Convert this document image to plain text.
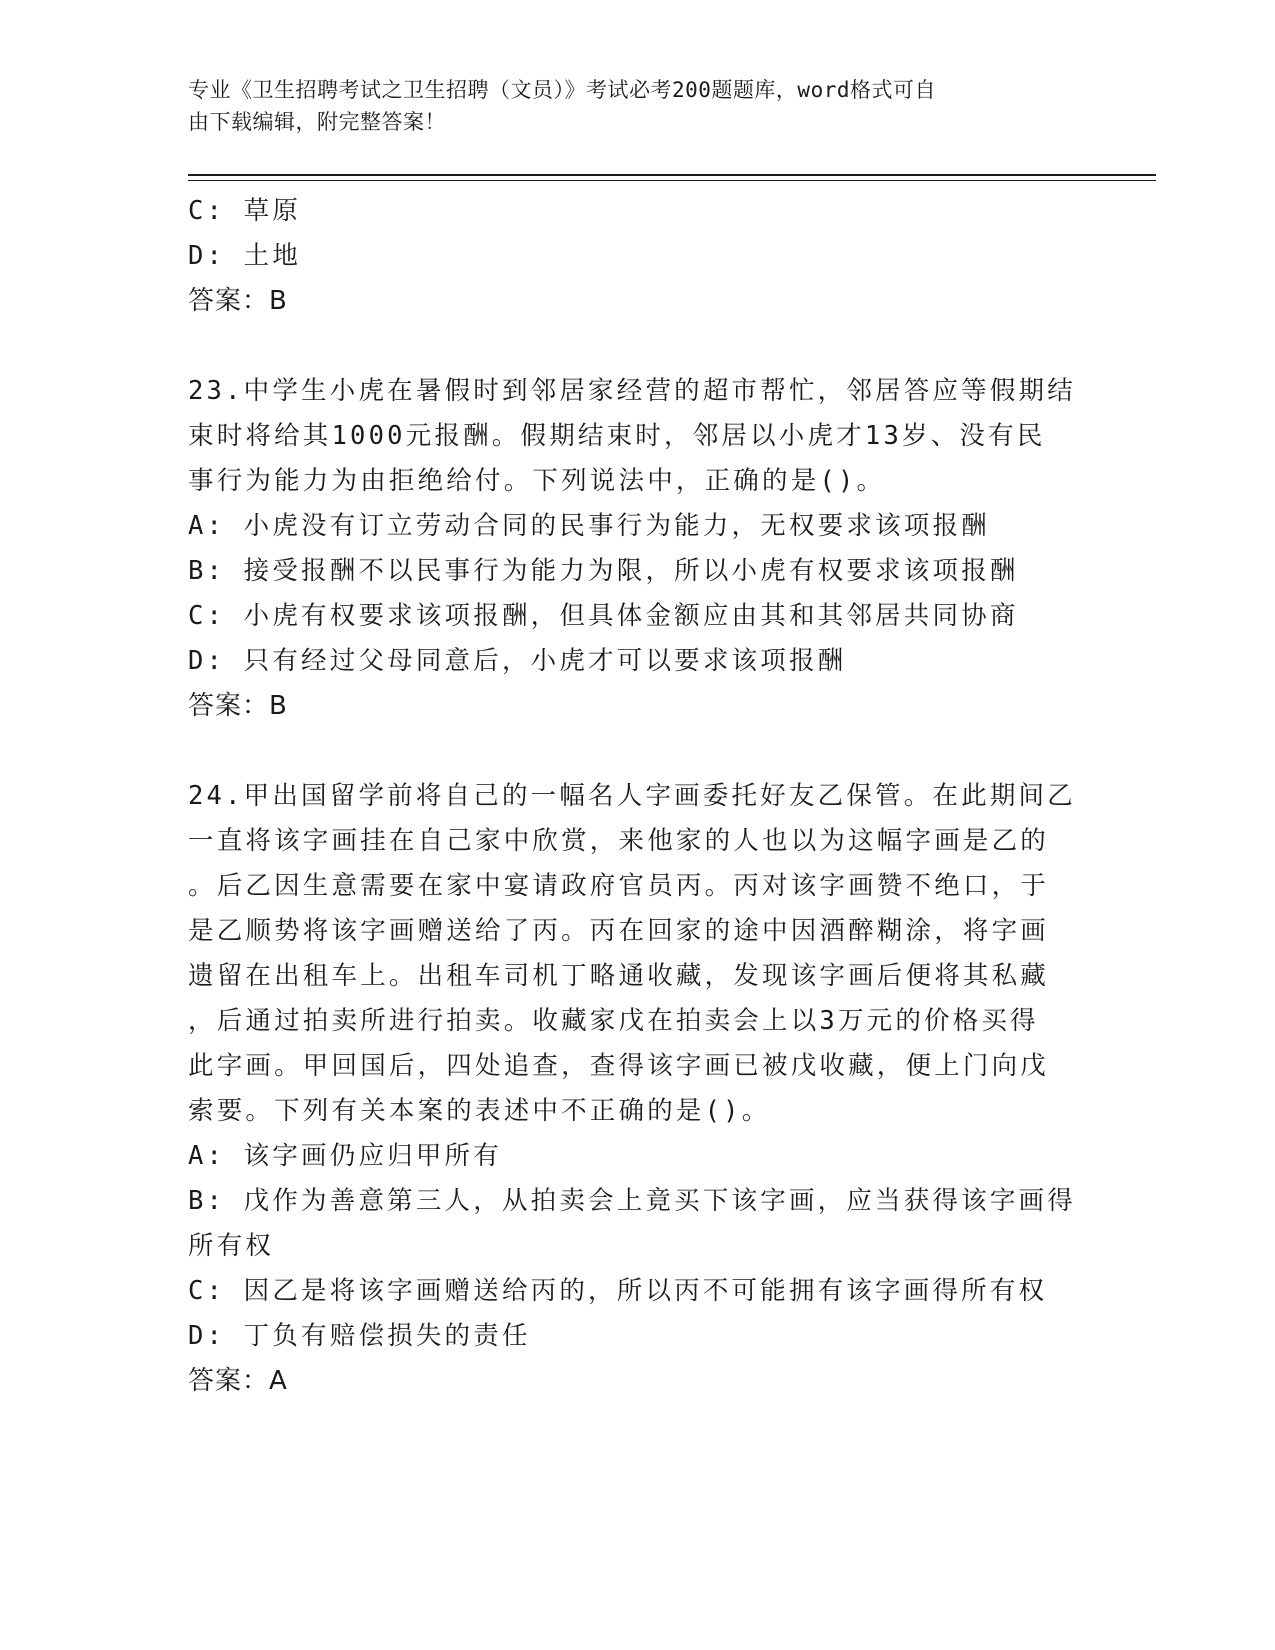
专业《卫生招聘考试之卫生招聘（文员）》考试必考200题题库，word格式可自
由下载编辑，附完整答案！
C: 草原
D: 土地
答案：B
23.中学生小虎在暑假时到邻居家经营的超市帮忙，邻居答应等假期结
束时将给其1000元报酬。假期结束时，邻居以小虎才13岁、没有民
事行为能力为由拒绝给付。下列说法中，正确的是()。
A: 小虎没有订立劳动合同的民事行为能力，无权要求该项报酬
B: 接受报酬不以民事行为能力为限，所以小虎有权要求该项报酬
C: 小虎有权要求该项报酬，但具体金额应由其和其邻居共同协商
D: 只有经过父母同意后，小虎才可以要求该项报酬
答案：B
24.甲出国留学前将自己的一幅名人字画委托好友乙保管。在此期间乙
一直将该字画挂在自己家中欣赏，来他家的人也以为这幅字画是乙的
。后乙因生意需要在家中宴请政府官员丙。丙对该字画赞不绝口，于
是乙顺势将该字画赠送给了丙。丙在回家的途中因酒醉糊涂，将字画
遗留在出租车上。出租车司机丁略通收藏，发现该字画后便将其私藏
，后通过拍卖所进行拍卖。收藏家戊在拍卖会上以3万元的价格买得
此字画。甲回国后，四处追查，查得该字画已被戊收藏，便上门向戊
索要。下列有关本案的表述中不正确的是()。
A: 该字画仍应归甲所有
B: 戊作为善意第三人，从拍卖会上竟买下该字画，应当获得该字画得
所有权
C: 因乙是将该字画赠送给丙的，所以丙不可能拥有该字画得所有权
D: 丁负有赔偿损失的责任
答案：A
